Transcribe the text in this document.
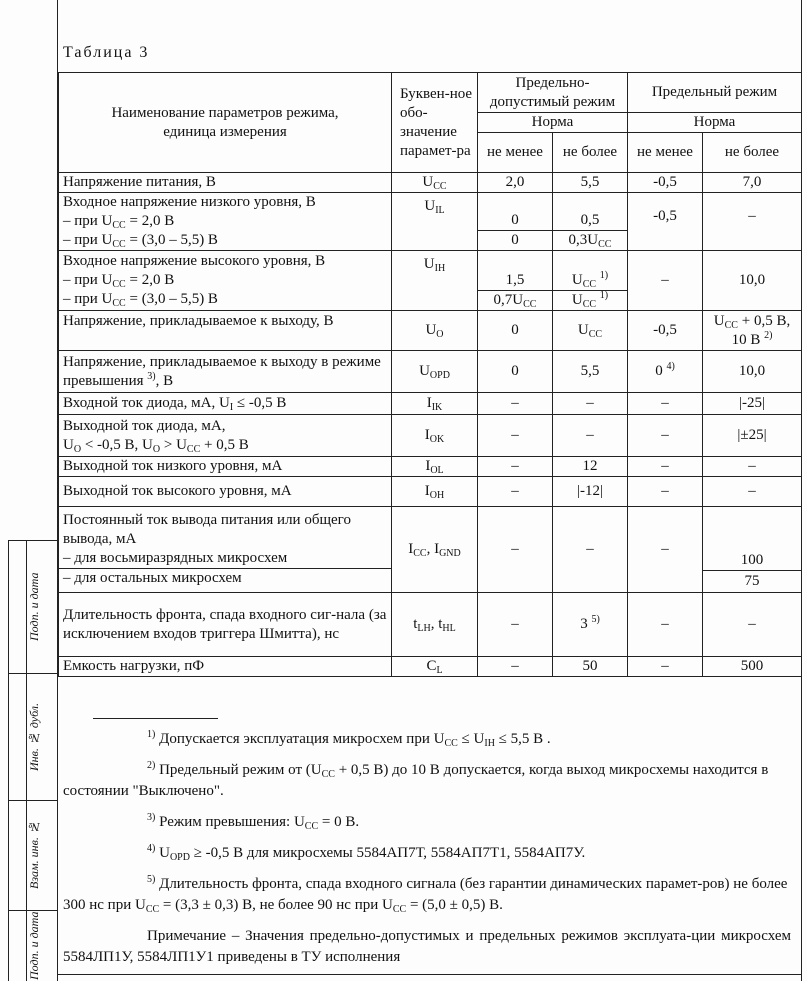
Подп. и дата
Инв. № дубл.
Взам. инв. №
Подп. и дата
Таблица 3
Наименование параметров режима, единица измерения	Буквен-ное обо-значение парамет-ра	Предельно-допустимый режим		Предельный режим	
		Норма		Норма	
		не менее	не более	не менее	не более
Напряжение питания, В	$U_{CC}$	2,0	5,5	-0,5	7,0

Входное напряжение низкого уровня, В
– при $U_{CC} = 2,0$ В
– при $U_{CC} = (3,0 - 5,5)$ В	$U_{IL}$	0	0,5	-0,5	–
		0	$0,3U_{CC}$

Входное напряжение высокого уровня, В
– при $U_{CC} = 2,0$ В
– при $U_{CC} = (3,0 - 5,5)$ В	$U_{IH}$	1,5	$U_{CC}$ $^{1)}$	–	10,0
		$0,7U_{CC}$	$U_{CC}$ $^{1)}$
Напряжение, прикладываемое к выходу, В	$U_O$	0	$U_{CC}$	-0,5	$U_{CC} + 0,5$ В,
10 В $^{2)}$

Напряжение, прикладываемое к выходу в режиме превышения $^{3)}$, В	$U_{OPD}$	0	5,5	0 $^{4)}$	10,0
Входной ток диода, мА, $U_I \le -0,5$ В	$I_{IK}$	–	–	–	|-25|

Выходной ток диода, мА,
$U_O < -0,5$ В, $U_O > U_{CC} + 0,5$ В	$I_{OK}$	–	–	–	|±25|
Выходной ток низкого уровня, мА	$I_{OL}$	–	12	–	–
Выходной ток высокого уровня, мА	$I_{OH}$	–	|-12|	–	–

Постоянный ток вывода питания или общего вывода, мА
– для восьмиразрядных микросхем
– для остальных микросхем	$I_{CC}$, $I_{GND}$	–	–	–	100
					75
Длительность фронта, спада входного сиг-нала (за исключением входов триггера Шмитта), нс	$t_{LH}$, $t_{HL}$	–	3 $^{5)}$	–	–
Емкость нагрузки, пФ	$C_L$	–	50	–	500

$^{1)}$ Допускается эксплуатация микросхем при $U_{CC} \le U_{IH} \le 5,5$ В .

$^{2)}$ Предельный режим от ($U_{CC} + 0,5$ В) до 10 В допускается, когда выход микросхемы находится в состоянии "Выключено".

$^{3)}$ Режим превышения: $U_{CC} = 0$ В.

$^{4)}$ $U_{OPD} \ge -0,5$ В для микросхемы 5584АП7Т, 5584АП7Т1, 5584АП7У.

$^{5)}$ Длительность фронта, спада входного сигнала (без гарантии динамических парамет-ров) не более 300 нс при $U_{CC} = (3,3 \pm 0,3)$ В, не более 90 нс при $U_{CC} = (5,0 \pm 0,5)$ В.

Примечание – Значения предельно-допустимых и предельных режимов эксплуата-ции микросхем 5584ЛП1У, 5584ЛП1У1 приведены в ТУ исполнения
